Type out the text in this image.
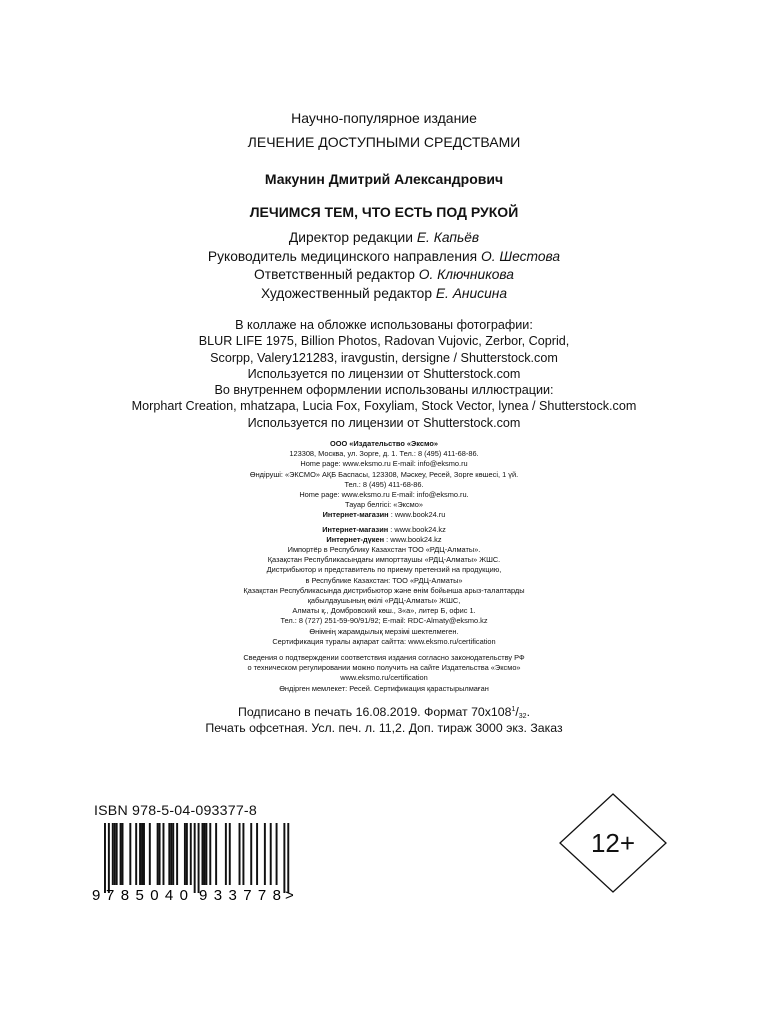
Научно-популярное издание
ЛЕЧЕНИЕ ДОСТУПНЫМИ СРЕДСТВАМИ
Макунин Дмитрий Александрович
ЛЕЧИМСЯ ТЕМ, ЧТО ЕСТЬ ПОД РУКОЙ
Директор редакции Е. Капьёв
Руководитель медицинского направления О. Шестова
Ответственный редактор О. Ключникова
Художественный редактор Е. Анисина
В коллаже на обложке использованы фотографии:
BLUR LIFE 1975, Billion Photos, Radovan Vujovic, Zerbor, Coprid,
Scorpp, Valery121283, iravgustin, dersigne / Shutterstock.com
Используется по лицензии от Shutterstock.com
Во внутреннем оформлении использованы иллюстрации:
Morphart Creation, mhatzapa, Lucia Fox, Foxyliam, Stock Vector, lynea / Shutterstock.com
Используется по лицензии от Shutterstock.com
ООО «Издательство «Эксмо»
123308, Москва, ул. Зорге, д. 1. Тел.: 8 (495) 411-68-86.
Home page: www.eksmo.ru E-mail: info@eksmo.ru
Өндіруші: «ЭКСМО» АҚБ Баспасы, 123308, Мәскеу, Ресей, Зорге көшесі, 1 үй.
Тел.: 8 (495) 411-68-86.
Home page: www.eksmo.ru E-mail: info@eksmo.ru.
Тауар белгісі: «Эксмо»
Интернет-магазин : www.book24.ru
Интернет-магазин : www.book24.kz
Интернет-дүкен : www.book24.kz
Импортёр в Республику Казахстан ТОО «РДЦ-Алматы».
Қазақстан Республикасындағы импорттаушы «РДЦ-Алматы» ЖШС.
Дистрибьютор и представитель по приему претензий на продукцию,
в Республике Казахстан: ТОО «РДЦ-Алматы»
Қазақстан Республикасында дистрибьютор және өнім бойынша арыз-талаптарды
қабылдаушының өкілі «РДЦ-Алматы» ЖШС,
Алматы қ., Домбровский көш., 3«а», литер Б, офис 1.
Тел.: 8 (727) 251-59-90/91/92; E-mail: RDC-Almaty@eksmo.kz
Өнімнің жарамдылық мерзімі шектелмеген.
Сертификация туралы ақпарат сайтта: www.eksmo.ru/certification
Сведения о подтверждении соответствия издания согласно законодательству РФ
о техническом регулировании можно получить на сайте Издательства «Эксмо»
www.eksmo.ru/certification
Өндірген мемлекет: Ресей. Сертификация қарастырылмаған
Подписано в печать 16.08.2019. Формат $70x108^1/_{32}$.
Печать офсетная. Усл. печ. л. 11,2. Доп. тираж 3000 экз. Заказ
ISBN 978-5-04-093377-8
9 785040 933778 >
12+
